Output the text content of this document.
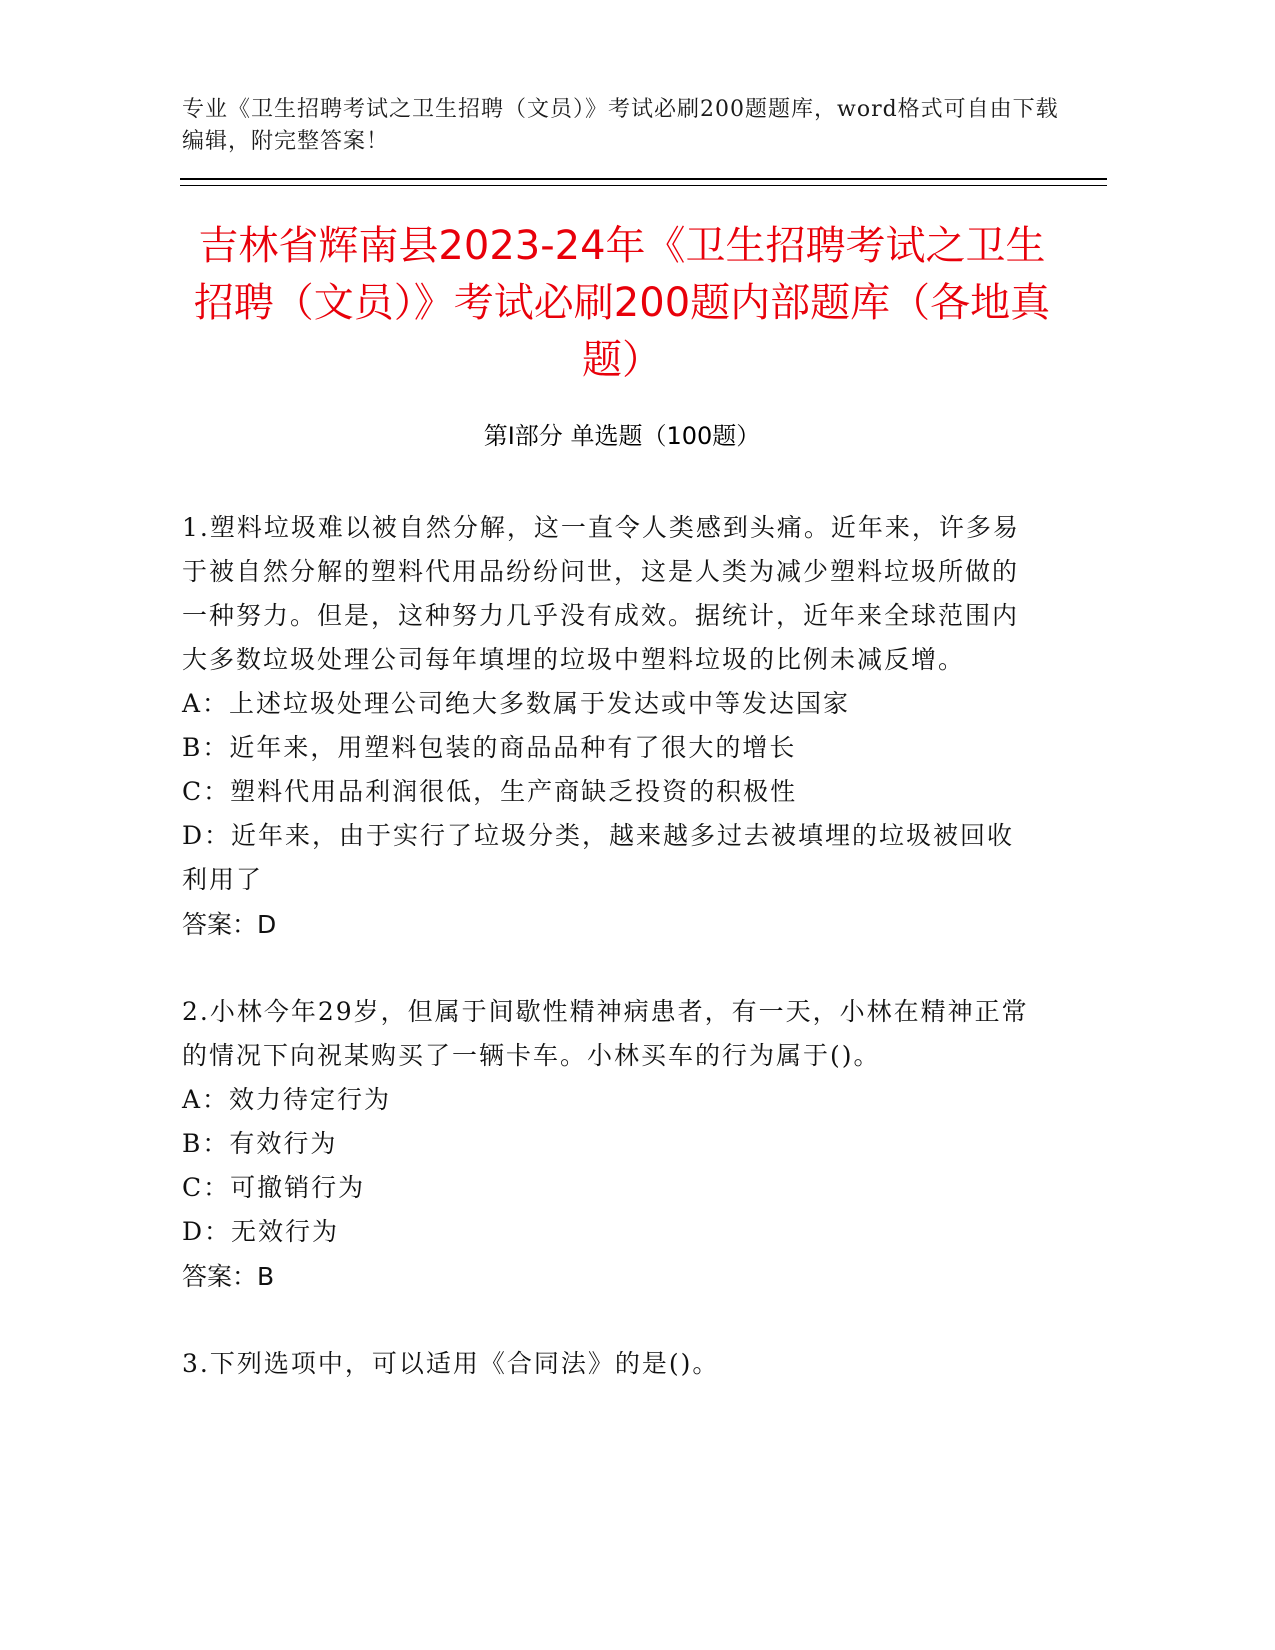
专业《卫生招聘考试之卫生招聘（文员）》考试必刷200题题库，word格式可自由下载编辑，附完整答案！

吉林省辉南县2023-24年《卫生招聘考试之卫生招聘（文员）》考试必刷200题内部题库（各地真题）
第I部分 单选题（100题）

1.塑料垃圾难以被自然分解，这一直令人类感到头痛。近年来，许多易于被自然分解的塑料代用品纷纷问世，这是人类为减少塑料垃圾所做的一种努力。但是，这种努力几乎没有成效。据统计，近年来全球范围内大多数垃圾处理公司每年填埋的垃圾中塑料垃圾的比例未减反增。

A：上述垃圾处理公司绝大多数属于发达或中等发达国家

B：近年来，用塑料包装的商品品种有了很大的增长

C：塑料代用品利润很低，生产商缺乏投资的积极性

D：近年来，由于实行了垃圾分类，越来越多过去被填埋的垃圾被回收利用了

答案：D

2.小林今年29岁，但属于间歇性精神病患者，有一天，小林在精神正常的情况下向祝某购买了一辆卡车。小林买车的行为属于()。

A：效力待定行为

B：有效行为

C：可撤销行为

D：无效行为

答案：B

3.下列选项中，可以适用《合同法》的是()。
